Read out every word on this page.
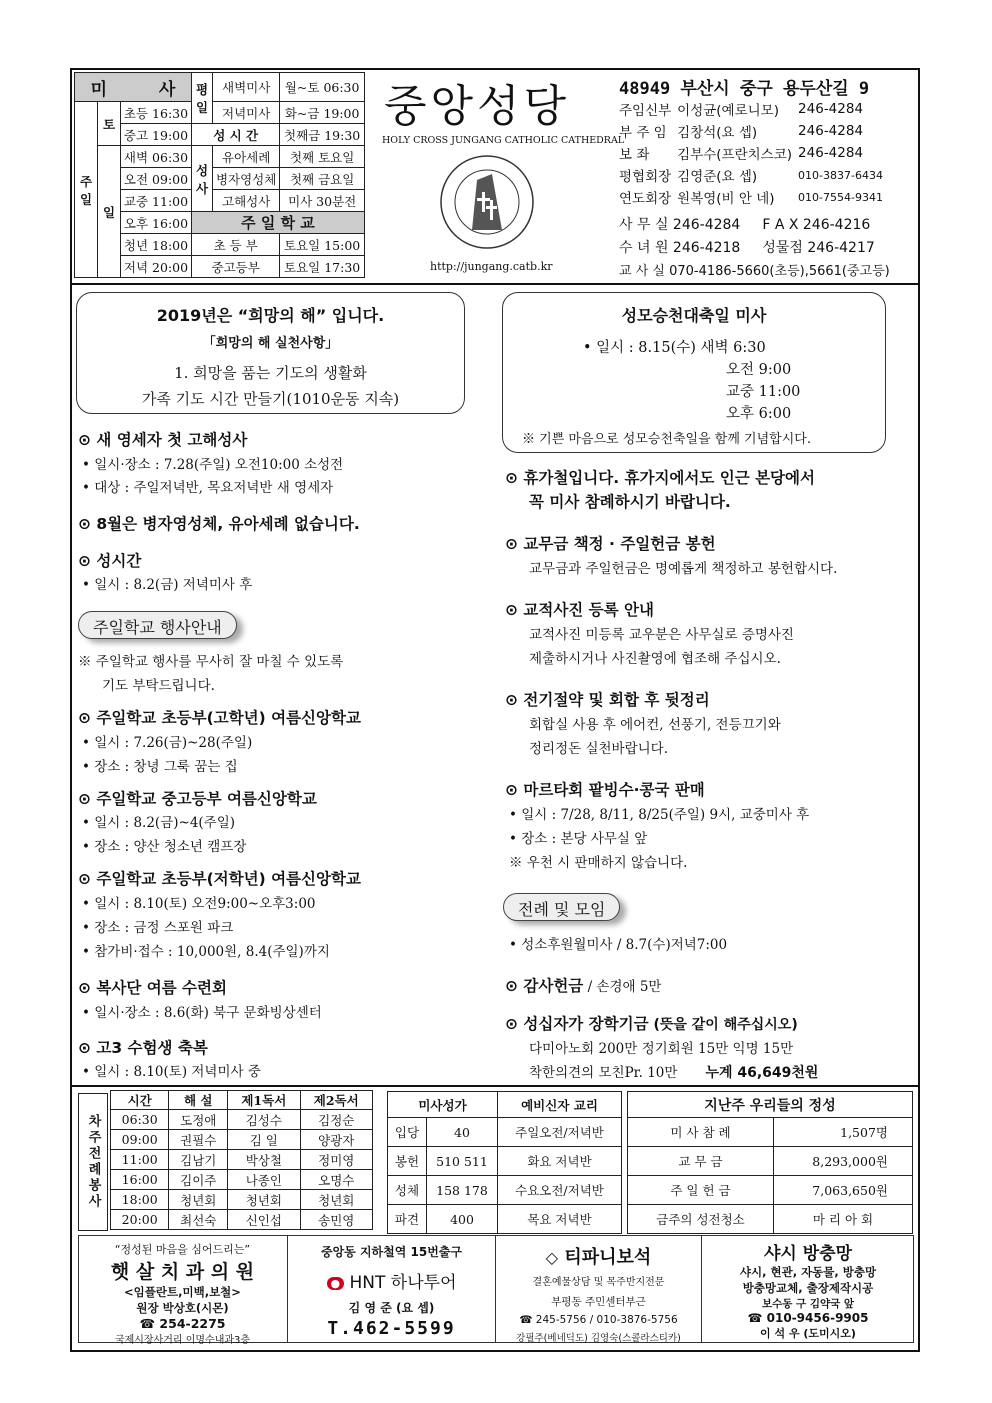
미 사			평일	새벽미사	월~토 06:30
주일	토	초등 16:30		저녁미사	화~금 19:00
		중고 19:00	성 시 간		첫째금 19:30
	일	새벽 06:30	성사	유아세례	첫째 토요일
		오전 09:00		병자영성체	첫째 금요일
		교중 11:00		고해성사	미사 30분전
		오후 16:00	주 일 학 교		
		청년 18:00	초 등 부		토요일 15:00
		저녁 20:00	중고등부		토요일 17:30
중앙성당
HOLY CROSS JUNGANG CATHOLIC CATHEDRAL
http://jungang.catb.kr
48949 부산시 중구 용두산길 9
주임신부	이성균(예로니모)	246-4284
부 주 임	김창석(요 셉)	246-4284
보 좌	김부수(프란치스코)	246-4284
평협회장	김영준(요 셉)	010-3837-6434
연도회장	원복영(비 안 네)	010-7554-9341
사 무 실 246-4284 F A X 246-4216
수 녀 원 246-4218 성물점 246-4217
교 사 실 070-4186-5660(초등),5661(중고등)
2019년은 “희망의 해” 입니다.
「희망의 해 실천사항」
1. 희망을 품는 기도의 생활화
가족 기도 시간 만들기(1010운동 지속)
성모승천대축일 미사
• 일시 : 8.15(수) 새벽 6:30
오전 9:00
교중 11:00
오후 6:00
※ 기쁜 마음으로 성모승천축일을 함께 기념합시다.
⊙ 새 영세자 첫 고해성사
• 일시·장소 : 7.28(주일) 오전10:00 소성전
• 대상 : 주일저녁반, 목요저녁반 새 영세자
⊙ 8월은 병자영성체, 유아세례 없습니다.
⊙ 성시간
• 일시 : 8.2(금) 저녁미사 후
주일학교 행사안내
※ 주일학교 행사를 무사히 잘 마칠 수 있도록
기도 부탁드립니다.
⊙ 주일학교 초등부(고학년) 여름신앙학교
• 일시 : 7.26(금)~28(주일)
• 장소 : 창녕 그룩 꿈는 집
⊙ 주일학교 중고등부 여름신앙학교
• 일시 : 8.2(금)~4(주일)
• 장소 : 양산 청소년 캠프장
⊙ 주일학교 초등부(저학년) 여름신앙학교
• 일시 : 8.10(토) 오전9:00~오후3:00
• 장소 : 금정 스포원 파크
• 참가비·접수 : 10,000원, 8.4(주일)까지
⊙ 복사단 여름 수련회
• 일시·장소 : 8.6(화) 북구 문화빙상센터
⊙ 고3 수험생 축복
• 일시 : 8.10(토) 저녁미사 중
⊙ 휴가철입니다. 휴가지에서도 인근 본당에서
꼭 미사 참례하시기 바랍니다.
⊙ 교무금 책정 · 주일헌금 봉헌
교무금과 주일헌금은 명예롭게 책정하고 봉헌합시다.
⊙ 교적사진 등록 안내
교적사진 미등록 교우분은 사무실로 증명사진
제출하시거나 사진촬영에 협조해 주십시오.
⊙ 전기절약 및 회합 후 뒷정리
회합실 사용 후 에어컨, 선풍기, 전등끄기와
정리정돈 실천바랍니다.
⊙ 마르타회 팥빙수·콩국 판매
• 일시 : 7/28, 8/11, 8/25(주일) 9시, 교중미사 후
• 장소 : 본당 사무실 앞
※ 우천 시 판매하지 않습니다.
전례 및 모임
• 성소후원월미사 / 8.7(수)저녁7:00
⊙ 감사헌금 / 손경애 5만
⊙ 성십자가 장학기금 (뜻을 같이 해주십시오)
다미아노회 200만 정기회원 15만 익명 15만
착한의견의 모친Pr. 10만 누계 46,649천원
차주전례봉사
시간	해 설	제1독서	제2독서
06:30	도정애	김성수	김정순
09:00	권필수	김 일	양광자
11:00	김남기	박상철	정미영
16:00	김이주	나종인	오명수
18:00	청년회	청년회	청년회
20:00	최선숙	신인섭	송민영
미사성가		예비신자 교리
입당	40	주일오전/저녁반
봉헌	510 511	화요 저녁반
성체	158 178	수요오전/저녁반
파견	400	목요 저녁반
지난주 우리들의 정성	
미 사 참 례	1,507명
교 무 금	8,293,000원
주 일 헌 금	7,063,650원
금주의 성전청소	마 리 아 회
“정성된 마음을 심어드리는”
햇 살 치 과 의 원
<임플란트,미백,보철>
원장 박상호(시몬)
☎ 254-2275
국제시장사거리 이명수내과3층
중앙동 지하철역 15번출구
● HNT 하나투어
김 영 준 (요 셉)
T.462-5599
◇ 티파니보석
결혼예물상담 및 목주반지전문
부평동 주민센터부근
☎ 245-5756 / 010-3876-5756
강필주(베네딕도) 김영숙(스콜라스티카)
샤시 방충망
샤시, 현관, 자동물, 방충망
방충망교체, 출장제작시공
보수동 구 김약국 앞
☎ 010-9456-9905
이 석 우 (도미시오)
